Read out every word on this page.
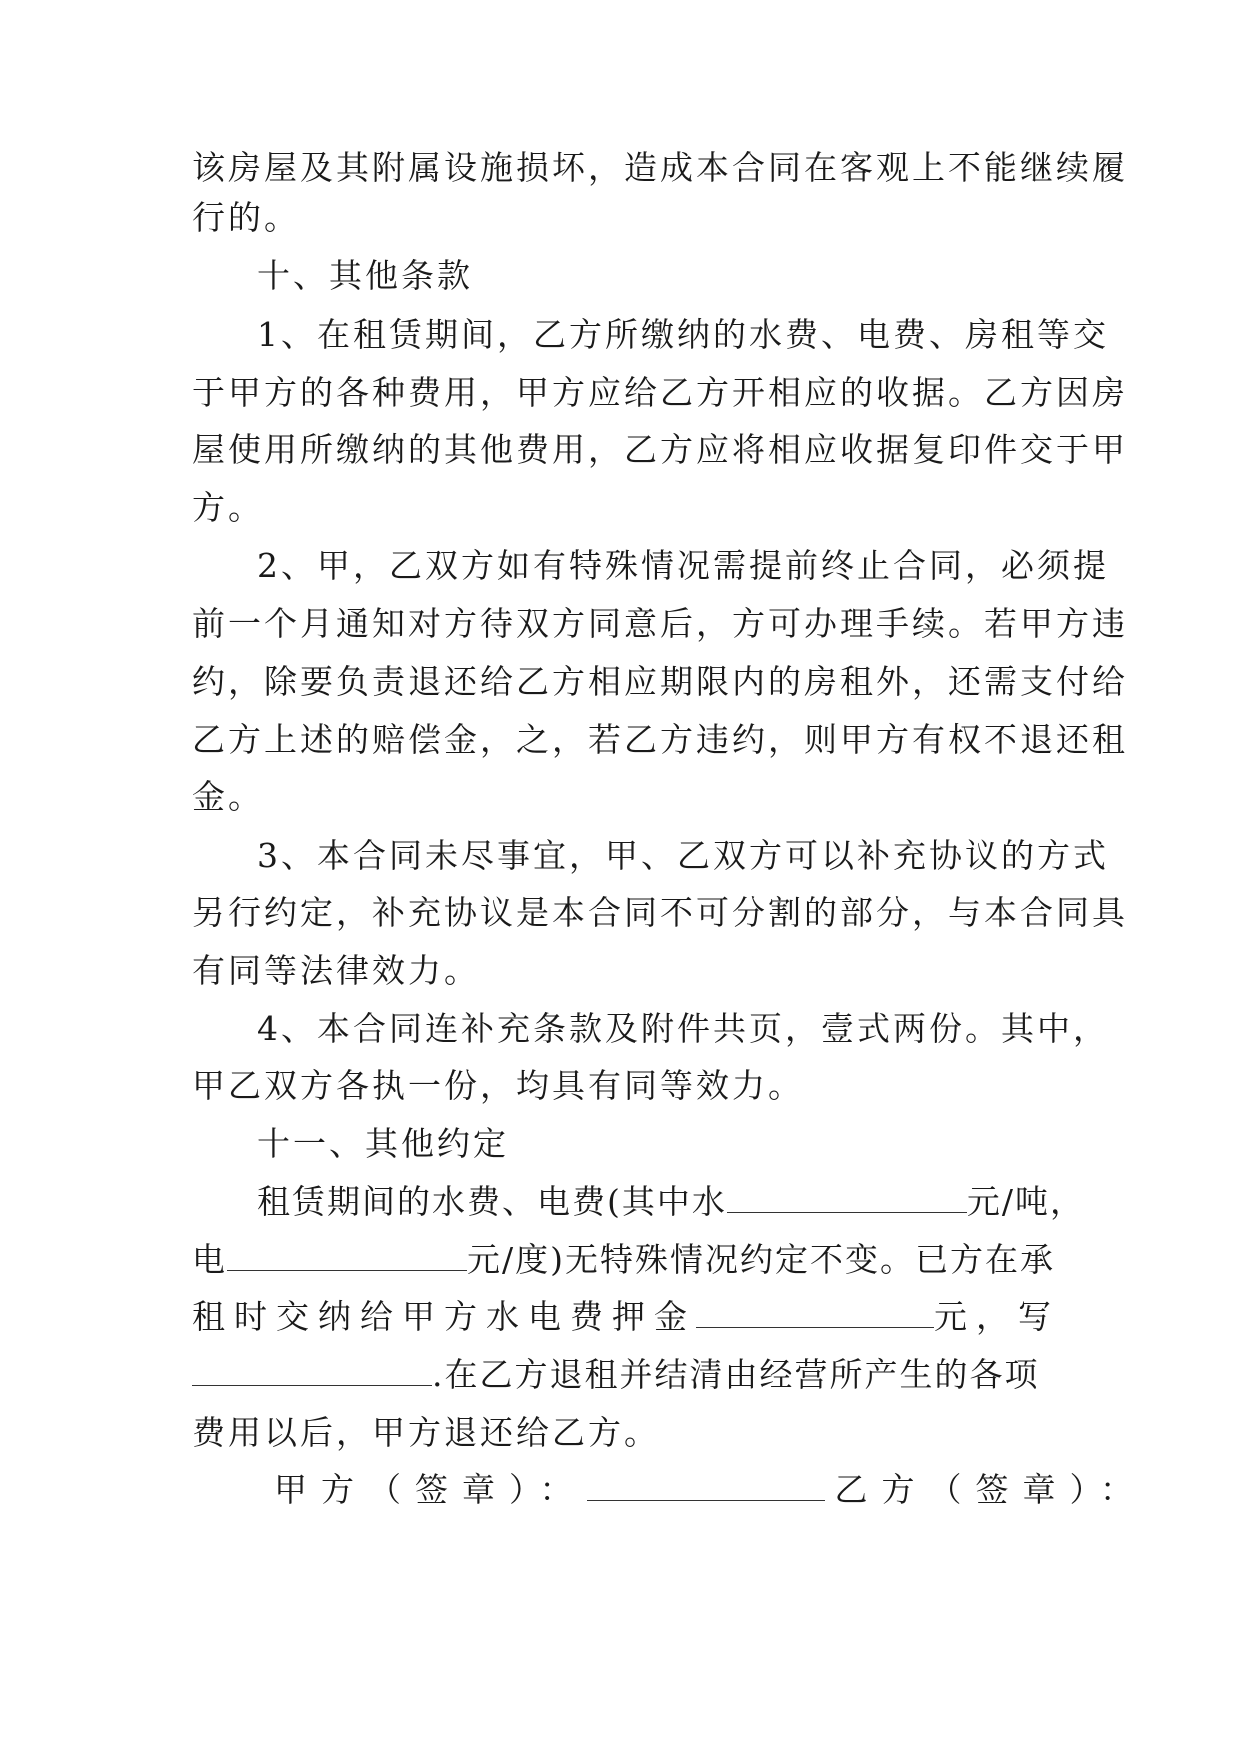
该房屋及其附属设施损坏，造成本合同在客观上不能继续履
行的。
十、其他条款
1、在租赁期间，乙方所缴纳的水费、电费、房租等交
于甲方的各种费用，甲方应给乙方开相应的收据。乙方因房
屋使用所缴纳的其他费用，乙方应将相应收据复印件交于甲
方。
2、甲，乙双方如有特殊情况需提前终止合同，必须提
前一个月通知对方待双方同意后，方可办理手续。若甲方违
约，除要负责退还给乙方相应期限内的房租外，还需支付给
乙方上述的赔偿金，之，若乙方违约，则甲方有权不退还租
金。
3、本合同未尽事宜，甲、乙双方可以补充协议的方式
另行约定，补充协议是本合同不可分割的部分，与本合同具
有同等法律效力。
4、本合同连补充条款及附件共页，壹式两份。其中，
甲乙双方各执一份，均具有同等效力。
十一、其他约定
租赁期间的水费、电费(其中水	元/吨，
电	元/度)无特殊情况约定不变。已方在承
租时交纳给甲方水电费押金	元，写
.在乙方退租并结清由经营所产生的各项
费用以后，甲方退还给乙方。
甲方（签章）：	乙方（签章）：
